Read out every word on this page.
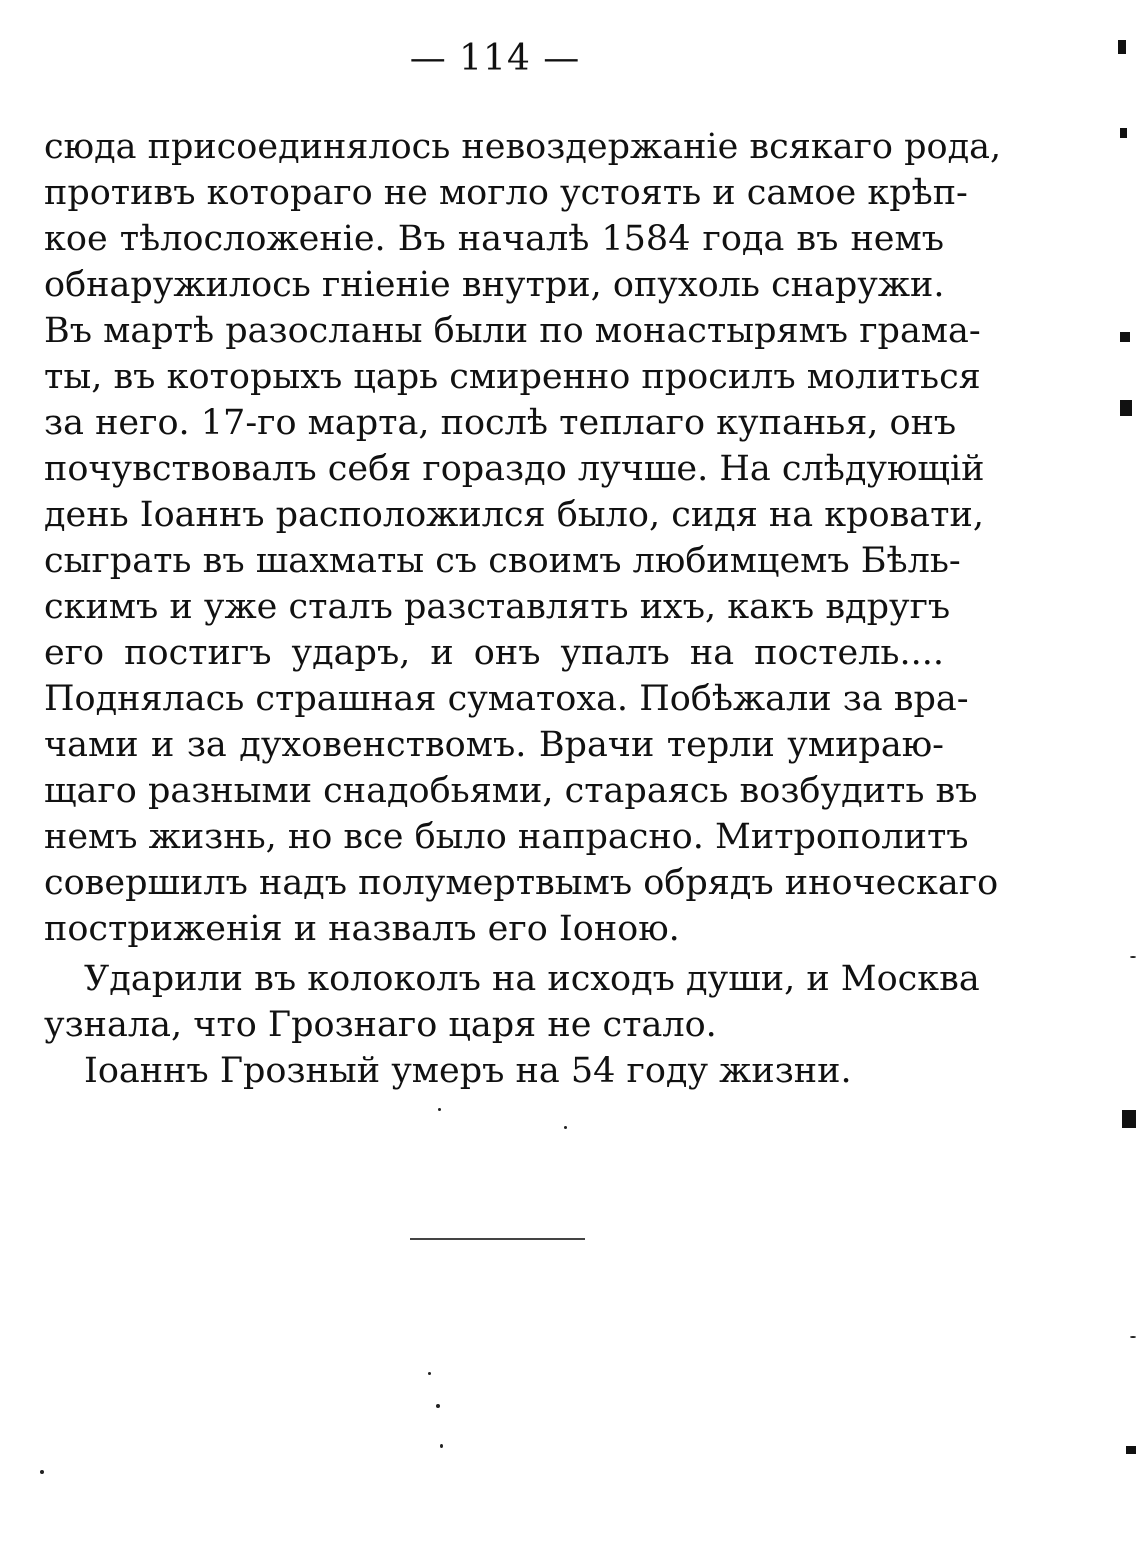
— 114 —
сюда присоединялось невоздержаніе всякаго рода,
противъ котораго не могло устоять и самое крѣп-
кое тѣлосложеніе. Въ началѣ 1584 года въ немъ
обнаружилось гніеніе внутри, опухоль снаружи.
Въ мартѣ разосланы были по монастырямъ грама-
ты, въ которыхъ царь смиренно просилъ молиться
за него. 17-го марта, послѣ теплаго купанья, онъ
почувствовалъ себя гораздо лучше. На слѣдующій
день Іоаннъ расположился было, сидя на кровати,
сыграть въ шахматы съ своимъ любимцемъ Бѣль-
скимъ и уже сталъ разставлять ихъ, какъ вдругъ
его постигъ ударъ, и онъ упалъ на постель....
Поднялась страшная суматоха. Побѣжали за вра-
чами и за духовенствомъ. Врачи терли умираю-
щаго разными снадобьями, стараясь возбудить въ
немъ жизнь, но все было напрасно. Митрополитъ
совершилъ надъ полумертвымъ обрядъ иноческаго
постриженія и назвалъ его Іоною.
Ударили въ колоколъ на исходъ души, и Москва
узнала, что Грознаго царя не стало.
Іоаннъ Грозный умеръ на 54 году жизни.
